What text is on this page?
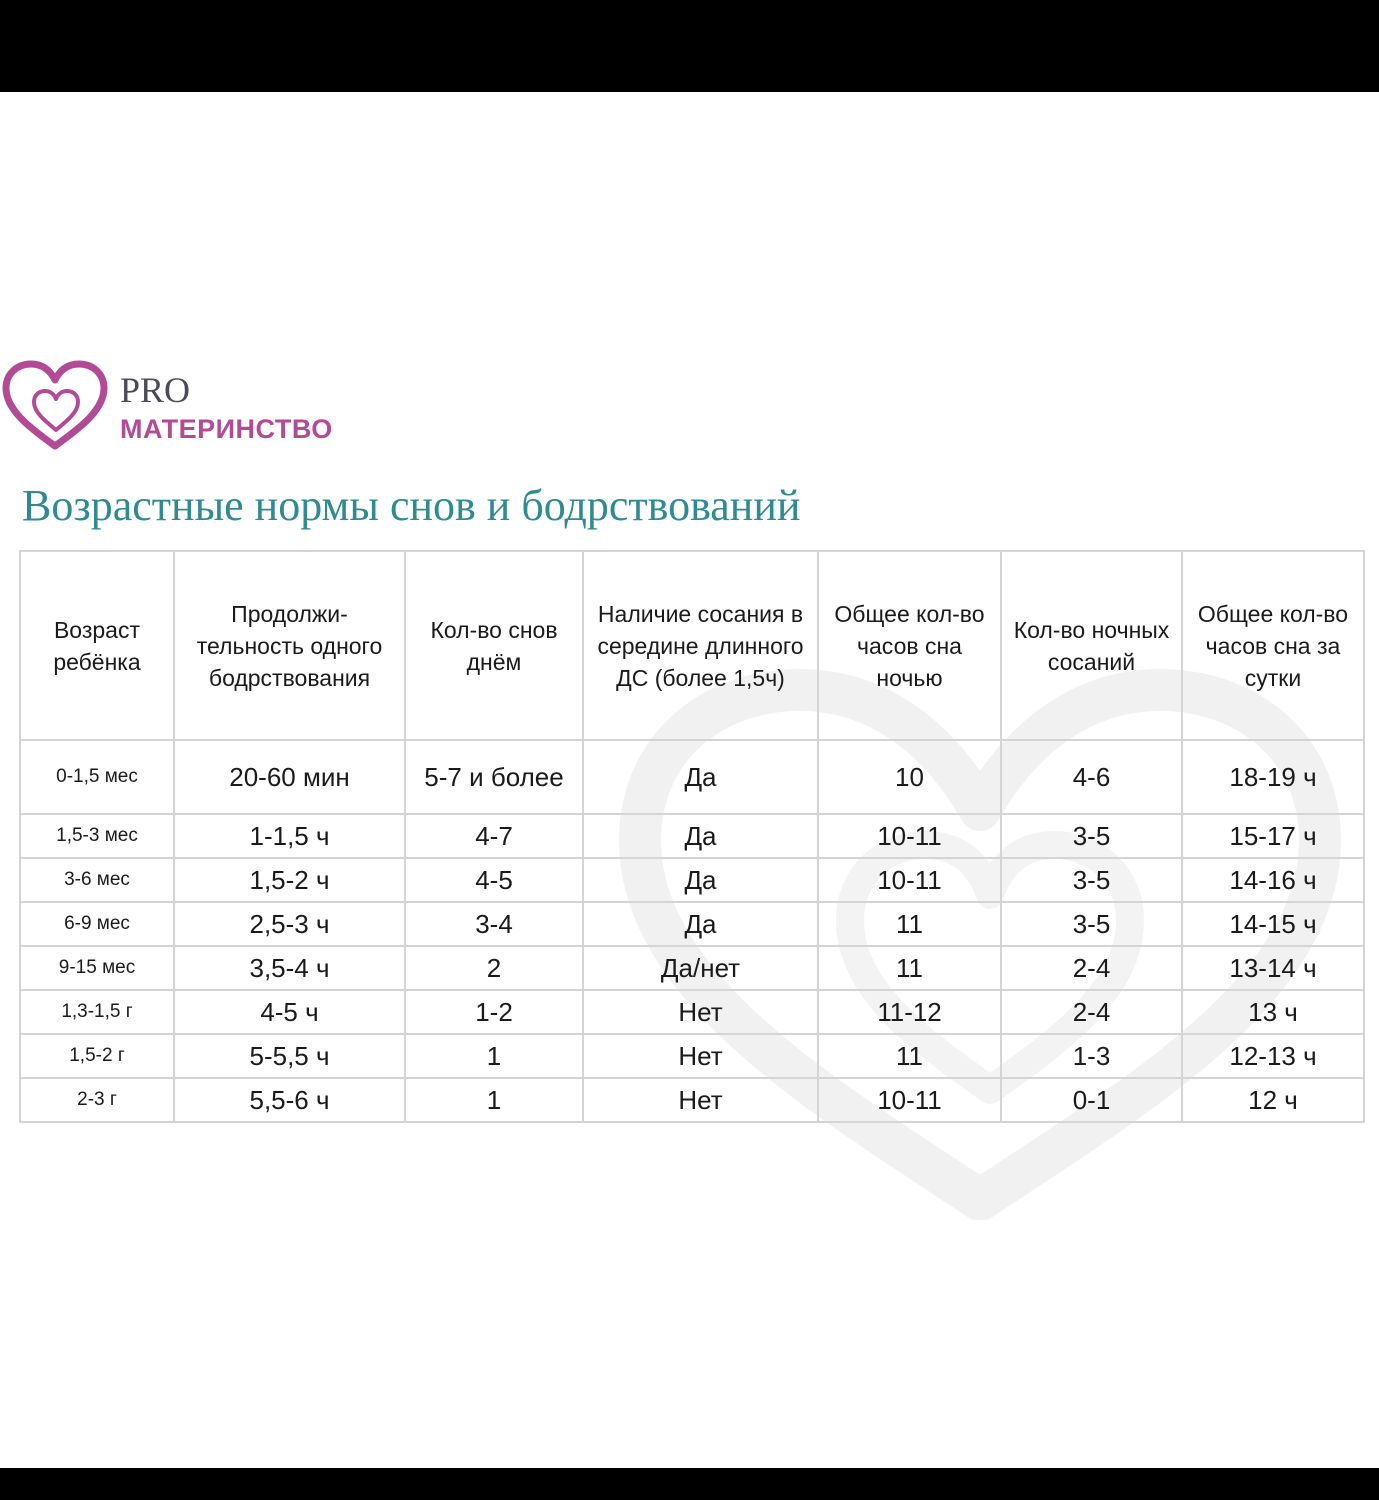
PRO
МАТЕРИНСТВО
Возрастные нормы снов и бодрствований
Возраст ребёнка	Продолжи-тельность одного бодрствования	Кол-во снов днём	Наличие сосания в середине длинного ДС (более 1,5ч)	Общее кол-во часов сна ночью	Кол-во ночных сосаний	Общее кол-во часов сна за сутки
0-1,5 мес	20-60 мин	5-7 и более	Да	10	4-6	18-19 ч
1,5-3 мес	1-1,5 ч	4-7	Да	10-11	3-5	15-17 ч
3-6 мес	1,5-2 ч	4-5	Да	10-11	3-5	14-16 ч
6-9 мес	2,5-3 ч	3-4	Да	11	3-5	14-15 ч
9-15 мес	3,5-4 ч	2	Да/нет	11	2-4	13-14 ч
1,3-1,5 г	4-5 ч	1-2	Нет	11-12	2-4	13 ч
1,5-2 г	5-5,5 ч	1	Нет	11	1-3	12-13 ч
2-3 г	5,5-6 ч	1	Нет	10-11	0-1	12 ч
